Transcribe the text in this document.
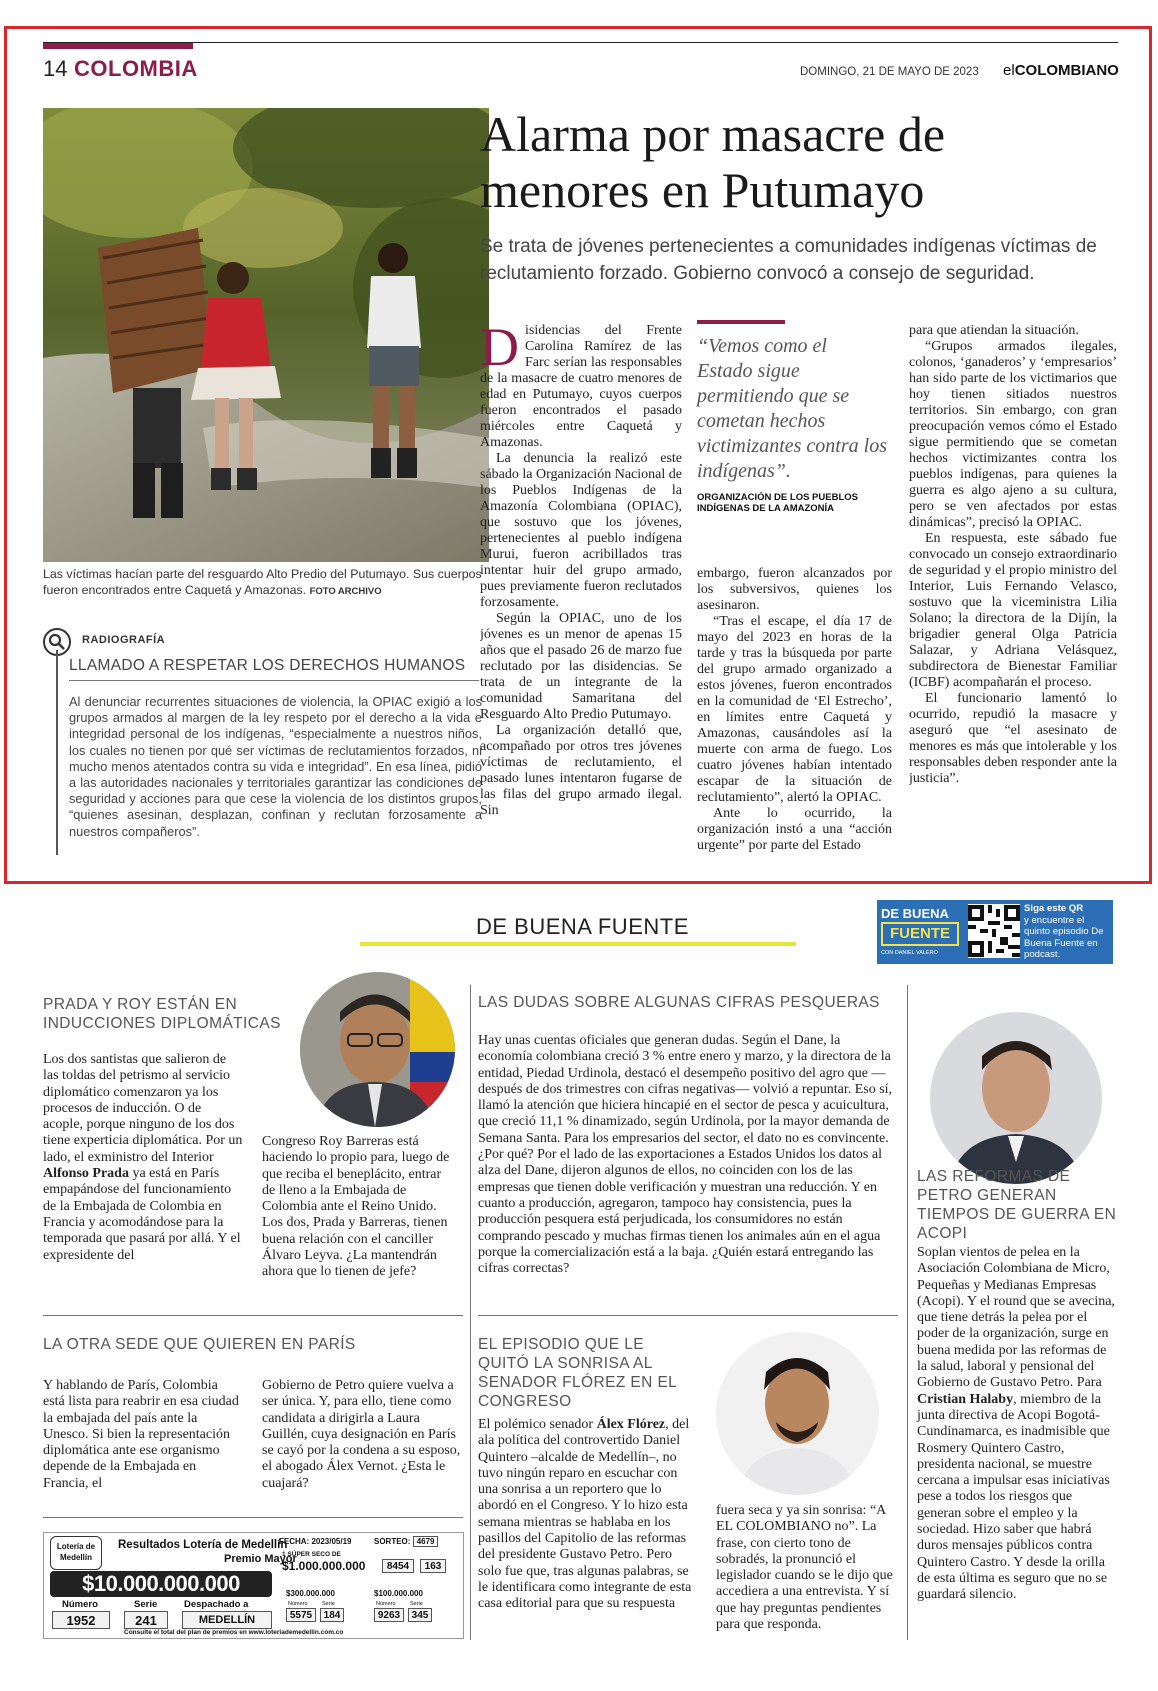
14 COLOMBIA	DOMINGO, 21 DE MAYO DE 2023 elCOLOMBIANO
Las víctimas hacían parte del resguardo Alto Predio del Putumayo. Sus cuerpos fueron encontrados entre Caquetá y Amazonas. FOTO ARCHIVO
Alarma por masacre de menores en Putumayo
Se trata de jóvenes pertenecientes a comunidades indígenas víctimas de reclutamiento forzado. Gobierno convocó a consejo de seguridad.
D isidencias del Frente Carolina Ramírez de las Farc serían las responsables de la masacre de cuatro menores de edad en Putumayo, cuyos cuerpos fueron encontrados el pasado miércoles entre Caquetá y Amazonas.

La denuncia la realizó este sábado la Organización Nacional de los Pueblos Indígenas de la Amazonía Colombiana (OPIAC), que sostuvo que los jóvenes, pertenecientes al pueblo indígena Murui, fueron acribillados tras intentar huir del grupo armado, pues previamente fueron reclutados forzosamente.

Según la OPIAC, uno de los jóvenes es un menor de apenas 15 años que el pasado 26 de marzo fue reclutado por las disidencias. Se trata de un integrante de la comunidad Samaritana del Resguardo Alto Predio Putumayo.

La organización detalló que, acompañado por otros tres jóvenes víctimas de reclutamiento, el pasado lunes intentaron fugarse de las filas del grupo armado ilegal. Sin

“Vemos como el Estado sigue permitiendo que se cometan hechos victimizantes contra los indígenas”.
ORGANIZACIÓN DE LOS PUEBLOS INDÍGENAS DE LA AMAZONÍA

embargo, fueron alcanzados por los subversivos, quienes los asesinaron.

“Tras el escape, el día 17 de mayo del 2023 en horas de la tarde y tras la búsqueda por parte del grupo armado organizado a estos jóvenes, fueron encontrados en la comunidad de ‘El Estrecho’, en límites entre Caquetá y Amazonas, causándoles así la muerte con arma de fuego. Los cuatro jóvenes habían intentado escapar de la situación de reclutamiento”, alertó la OPIAC.

Ante lo ocurrido, la organización instó a una “acción urgente” por parte del Estado

para que atiendan la situación.

“Grupos armados ilegales, colonos, ‘ganaderos’ y ‘empresarios’ han sido parte de los victimarios que hoy tienen sitiados nuestros territorios. Sin embargo, con gran preocupación vemos cómo el Estado sigue permitiendo que se cometan hechos victimizantes contra los pueblos indígenas, para quienes la guerra es algo ajeno a su cultura, pero se ven afectados por estas dinámicas”, precisó la OPIAC.

En respuesta, este sábado fue convocado un consejo extraordinario de seguridad y el propio ministro del Interior, Luis Fernando Velasco, sostuvo que la viceministra Lilia Solano; la directora de la Dijín, la brigadier general Olga Patricia Salazar, y Adriana Velásquez, subdirectora de Bienestar Familiar (ICBF) acompañarán el proceso.

El funcionario lamentó lo ocurrido, repudió la masacre y aseguró que “el asesinato de menores es más que intolerable y los responsables deben responder ante la justicia”.

RADIOGRAFÍA
LLAMADO A RESPETAR LOS DERECHOS HUMANOS
Al denunciar recurrentes situaciones de violencia, la OPIAC exigió a los grupos armados al margen de la ley respeto por el derecho a la vida e integridad personal de los indígenas, “especialmente a nuestros niños, los cuales no tienen por qué ser víctimas de reclutamientos forzados, ni mucho menos atentados contra su vida e integridad”. En esa línea, pidió a las autoridades nacionales y territoriales garantizar las condiciones de seguridad y acciones para que cese la violencia de los distintos grupos, “quienes asesinan, desplazan, confinan y reclutan forzosamente a nuestros compañeros”.
DE BUENA FUENTE
DE BUENA
FUENTE
CON DANIEL VALERO
Siga este QR
y encuentre el quinto episodio De Buena Fuente en podcast.
PRADA Y ROY ESTÁN EN INDUCCIONES DIPLOMÁTICAS
Los dos santistas que salieron de las toldas del petrismo al servicio diplomático comenzaron ya los procesos de inducción. O de acople, porque ninguno de los dos tiene experticia diplomática. Por un lado, el exministro del Interior Alfonso Prada ya está en París empapándose del funcionamiento de la Embajada de Colombia en Francia y acomodándose para la temporada que pasará por allá. Y el expresidente del
Congreso Roy Barreras está haciendo lo propio para, luego de que reciba el beneplácito, entrar de lleno a la Embajada de Colombia ante el Reino Unido. Los dos, Prada y Barreras, tienen buena relación con el canciller Álvaro Leyva. ¿La mantendrán ahora que lo tienen de jefe?
LAS DUDAS SOBRE ALGUNAS CIFRAS PESQUERAS
Hay unas cuentas oficiales que generan dudas. Según el Dane, la economía colombiana creció 3 % entre enero y marzo, y la directora de la entidad, Piedad Urdinola, destacó el desempeño positivo del agro que —después de dos trimestres con cifras negativas— volvió a repuntar. Eso sí, llamó la atención que hiciera hincapié en el sector de pesca y acuicultura, que creció 11,1 % dinamizado, según Urdinola, por la mayor demanda de Semana Santa. Para los empresarios del sector, el dato no es convincente. ¿Por qué? Por el lado de las exportaciones a Estados Unidos los datos al alza del Dane, dijeron algunos de ellos, no coinciden con los de las empresas que tienen doble verificación y muestran una reducción. Y en cuanto a producción, agregaron, tampoco hay consistencia, pues la producción pesquera está perjudicada, los consumidores no están comprando pescado y muchas firmas tienen los animales aún en el agua porque la comercialización está a la baja. ¿Quién estará entregando las cifras correctas?
LAS REFORMAS DE PETRO GENERAN TIEMPOS DE GUERRA EN ACOPI
Soplan vientos de pelea en la Asociación Colombiana de Micro, Pequeñas y Medianas Empresas (Acopi). Y el round que se avecina, que tiene detrás la pelea por el poder de la organización, surge en buena medida por las reformas de la salud, laboral y pensional del Gobierno de Gustavo Petro. Para Cristian Halaby, miembro de la junta directiva de Acopi Bogotá-Cundinamarca, es inadmisible que Rosmery Quintero Castro, presidenta nacional, se muestre cercana a impulsar esas iniciativas pese a todos los riesgos que generan sobre el empleo y la sociedad. Hizo saber que habrá duros mensajes públicos contra Quintero Castro. Y desde la orilla de esta última es seguro que no se guardará silencio.
LA OTRA SEDE QUE QUIEREN EN PARÍS
Y hablando de París, Colombia está lista para reabrir en esa ciudad la embajada del país ante la Unesco. Si bien la representación diplomática ante ese organismo depende de la Embajada en Francia, el
Gobierno de Petro quiere vuelva a ser única. Y, para ello, tiene como candidata a dirigirla a Laura Guillén, cuya designación en París se cayó por la condena a su esposo, el abogado Álex Vernot. ¿Esta le cuajará?
EL EPISODIO QUE LE QUITÓ LA SONRISA AL SENADOR FLÓREZ EN EL CONGRESO
El polémico senador Álex Flórez, del ala política del controvertido Daniel Quintero –alcalde de Medellín–, no tuvo ningún reparo en escuchar con una sonrisa a un reportero que lo abordó en el Congreso. Y lo hizo esta semana mientras se hablaba en los pasillos del Capitolio de las reformas del presidente Gustavo Petro. Pero solo fue que, tras algunas palabras, se le identificara como integrante de esta casa editorial para que su respuesta
fuera seca y ya sin sonrisa: “A EL COLOMBIANO no”. La frase, con cierto tono de sobradés, la pronunció el legislador cuando se le dijo que accediera a una entrevista. Y sí que hay preguntas pendientes para que responda.
Lotería de Medellín
Resultados Lotería de Medellín
Premio Mayor
FECHA: 2023/05/19	SORTEO: 4679
$10.000.000.000
Número	Serie	Despachado a
1952	241	MEDELLÍN
1 SÚPER SECO DE
$1.000.000.000	8454	163
$300.000.000
Número	Serie
5575	184
$100.000.000
Número	Serie
9263	345
Consulte el total del plan de premios en www.loteriademedellin.com.co
